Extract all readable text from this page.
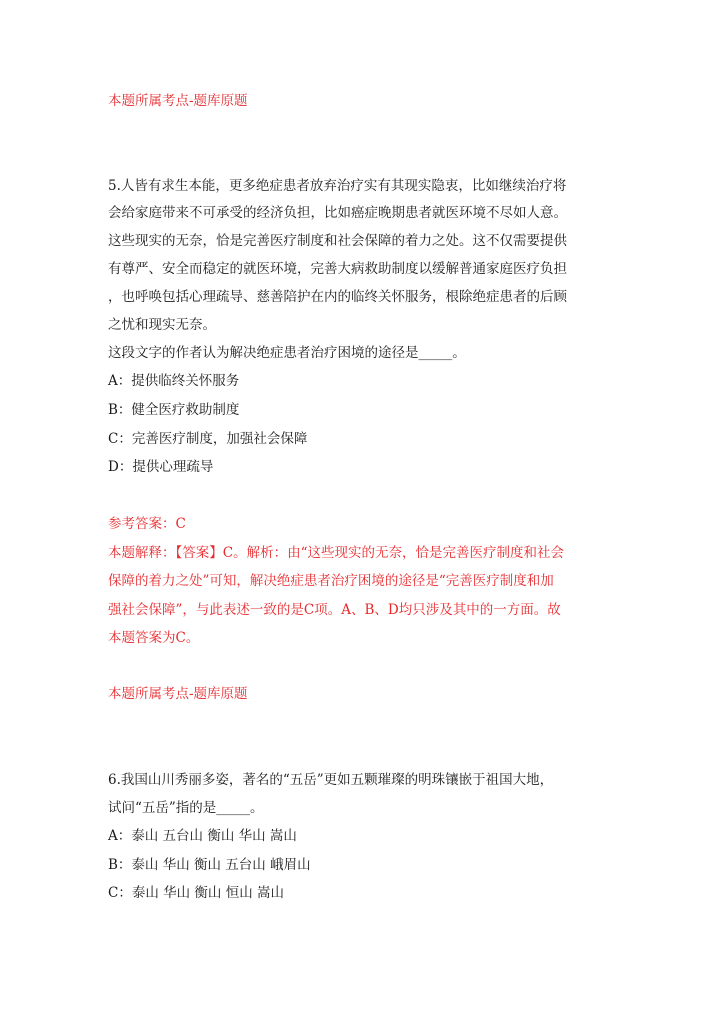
本题所属考点-题库原题
5.人皆有求生本能，更多绝症患者放弃治疗实有其现实隐衷，比如继续治疗将
会给家庭带来不可承受的经济负担，比如癌症晚期患者就医环境不尽如人意。
这些现实的无奈，恰是完善医疗制度和社会保障的着力之处。这不仅需要提供
有尊严、安全而稳定的就医环境，完善大病救助制度以缓解普通家庭医疗负担
，也呼唤包括心理疏导、慈善陪护在内的临终关怀服务，根除绝症患者的后顾
之忧和现实无奈。
这段文字的作者认为解决绝症患者治疗困境的途径是_____。
A：提供临终关怀服务
B：健全医疗救助制度
C：完善医疗制度，加强社会保障
D：提供心理疏导
参考答案：C
本题解释：【答案】C。解析：由“这些现实的无奈，恰是完善医疗制度和社会
保障的着力之处”可知，解决绝症患者治疗困境的途径是“完善医疗制度和加
强社会保障”，与此表述一致的是C项。A、B、D均只涉及其中的一方面。故
本题答案为C。
本题所属考点-题库原题
6.我国山川秀丽多姿，著名的“五岳”更如五颗璀璨的明珠镶嵌于祖国大地，
试问“五岳”指的是_____。
A：泰山 五台山 衡山 华山 嵩山
B：泰山 华山 衡山 五台山 峨眉山
C：泰山 华山 衡山 恒山 嵩山
